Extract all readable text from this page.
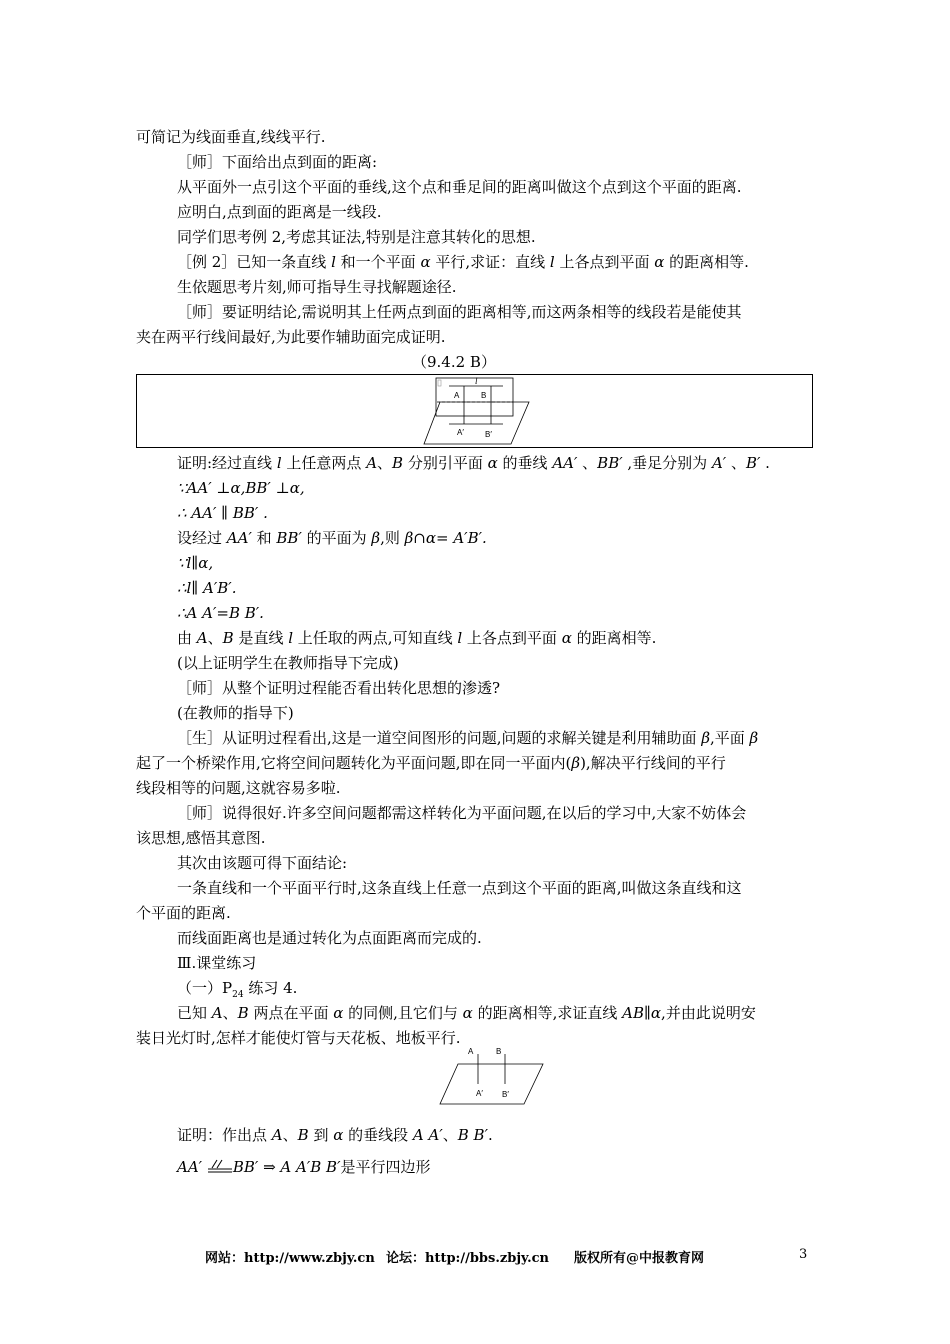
可简记为线面垂直,线线平行.
［师］下面给出点到面的距离:
从平面外一点引这个平面的垂线,这个点和垂足间的距离叫做这个点到这个平面的距离.
应明白,点到面的距离是一线段.
同学们思考例 2,考虑其证法,特别是注意其转化的思想.
［例 2］已知一条直线 l 和一个平面 α 平行,求证：直线 l 上各点到平面 α 的距离相等.
生依题思考片刻,师可指导生寻找解题途径.
［师］要证明结论,需说明其上任两点到面的距离相等,而这两条相等的线段若是能使其
夹在两平行线间最好,为此要作辅助面完成证明.
（9.4.2 B）
l
A	B
A′	B′
证明:经过直线 l 上任意两点 A、B 分别引平面 α 的垂线 AA′ 、BB′ ,垂足分别为 A′ 、B′ .
∵AA′ ⊥α,BB′ ⊥α,
∴ AA′ ∥ BB′ .
设经过 AA′ 和 BB′ 的平面为 β,则 β∩α= A′B′.
∵l∥α,
∴l∥ A′B′.
∴A A′=B B′.
由 A、B 是直线 l 上任取的两点,可知直线 l 上各点到平面 α 的距离相等.
(以上证明学生在教师指导下完成)
［师］从整个证明过程能否看出转化思想的渗透?
(在教师的指导下)
［生］从证明过程看出,这是一道空间图形的问题,问题的求解关键是利用辅助面 β,平面 β
起了一个桥梁作用,它将空间问题转化为平面问题,即在同一平面内(β),解决平行线间的平行
线段相等的问题,这就容易多啦.
［师］说得很好.许多空间问题都需这样转化为平面问题,在以后的学习中,大家不妨体会
该思想,感悟其意图.
其次由该题可得下面结论:
一条直线和一个平面平行时,这条直线上任意一点到这个平面的距离,叫做这条直线和这
个平面的距离.
而线面距离也是通过转化为点面距离而完成的.
Ⅲ.课堂练习
（一）$P_{24}$ 练习 4.
已知 A、B 两点在平面 α 的同侧,且它们与 α 的距离相等,求证直线 AB∥α,并由此说明安
装日光灯时,怎样才能使灯管与天花板、地板平行.
A	B
A′ B′
证明：作出点 A、B 到 α 的垂线段 A A′、B B′.
AA′ BB′ ⇒ A A′B B′是平行四边形
网站：http://www.zbjy.cn 论坛：http://bbs.zbjy.cn 版权所有@中报教育网	3
